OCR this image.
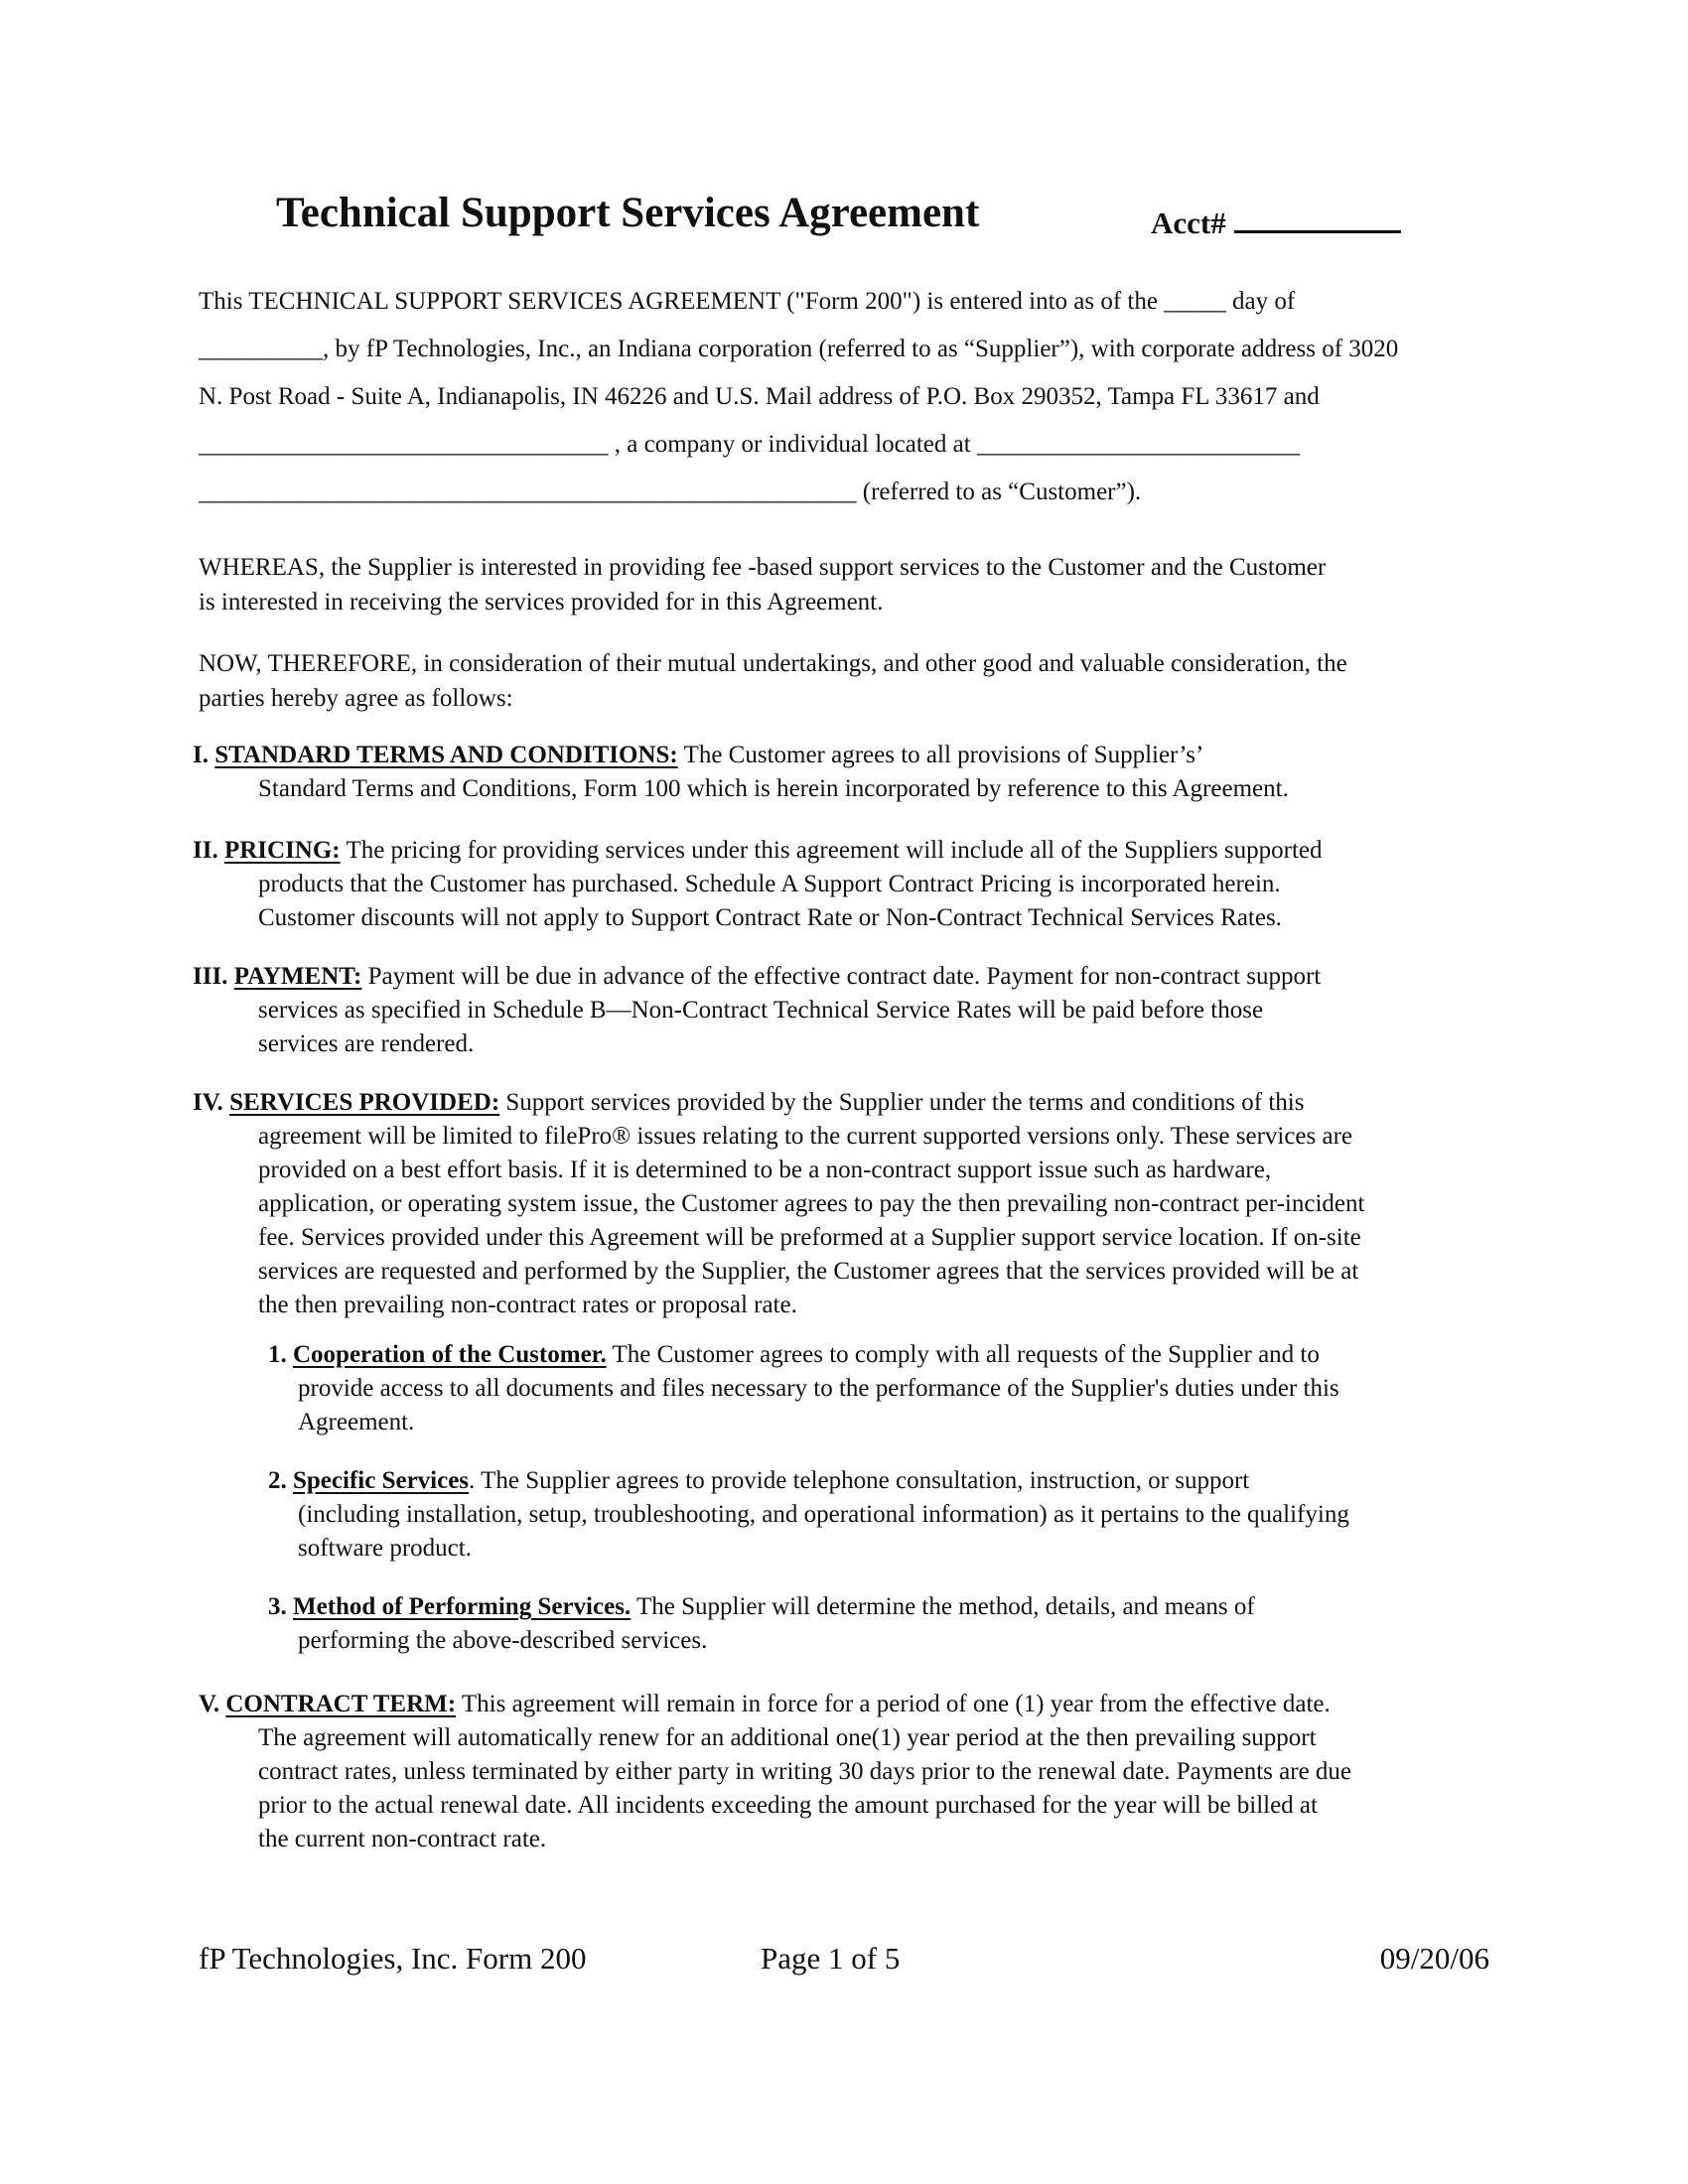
Technical Support Services Agreement	Acct#
This TECHNICAL SUPPORT SERVICES AGREEMENT ("Form 200") is entered into as of the _____ day of
__________, by fP Technologies, Inc., an Indiana corporation (referred to as “Supplier”), with corporate address of 3020
N. Post Road - Suite A, Indianapolis, IN 46226 and U.S. Mail address of P.O. Box 290352, Tampa FL 33617 and
_________________________________ , a company or individual located at __________________________
_____________________________________________________ (referred to as “Customer”).
WHEREAS, the Supplier is interested in providing fee -based support services to the Customer and the Customer
is interested in receiving the services provided for in this Agreement.
NOW, THEREFORE, in consideration of their mutual undertakings, and other good and valuable consideration, the
parties hereby agree as follows:
I. STANDARD TERMS AND CONDITIONS: The Customer agrees to all provisions of Supplier’s’
Standard Terms and Conditions, Form 100 which is herein incorporated by reference to this Agreement.
II. PRICING: The pricing for providing services under this agreement will include all of the Suppliers supported
products that the Customer has purchased. Schedule A Support Contract Pricing is incorporated herein.
Customer discounts will not apply to Support Contract Rate or Non-Contract Technical Services Rates.
III. PAYMENT: Payment will be due in advance of the effective contract date. Payment for non-contract support
services as specified in Schedule B—Non-Contract Technical Service Rates will be paid before those
services are rendered.
IV. SERVICES PROVIDED: Support services provided by the Supplier under the terms and conditions of this
agreement will be limited to filePro® issues relating to the current supported versions only. These services are
provided on a best effort basis. If it is determined to be a non-contract support issue such as hardware,
application, or operating system issue, the Customer agrees to pay the then prevailing non-contract per-incident
fee. Services provided under this Agreement will be preformed at a Supplier support service location. If on-site
services are requested and performed by the Supplier, the Customer agrees that the services provided will be at
the then prevailing non-contract rates or proposal rate.
1. Cooperation of the Customer. The Customer agrees to comply with all requests of the Supplier and to
provide access to all documents and files necessary to the performance of the Supplier's duties under this
Agreement.
2. Specific Services. The Supplier agrees to provide telephone consultation, instruction, or support
(including installation, setup, troubleshooting, and operational information) as it pertains to the qualifying
software product.
3. Method of Performing Services. The Supplier will determine the method, details, and means of
performing the above-described services.
V. CONTRACT TERM: This agreement will remain in force for a period of one (1) year from the effective date.
The agreement will automatically renew for an additional one(1) year period at the then prevailing support
contract rates, unless terminated by either party in writing 30 days prior to the renewal date. Payments are due
prior to the actual renewal date. All incidents exceeding the amount purchased for the year will be billed at
the current non-contract rate.
fP Technologies, Inc. Form 200	Page 1 of 5	09/20/06
